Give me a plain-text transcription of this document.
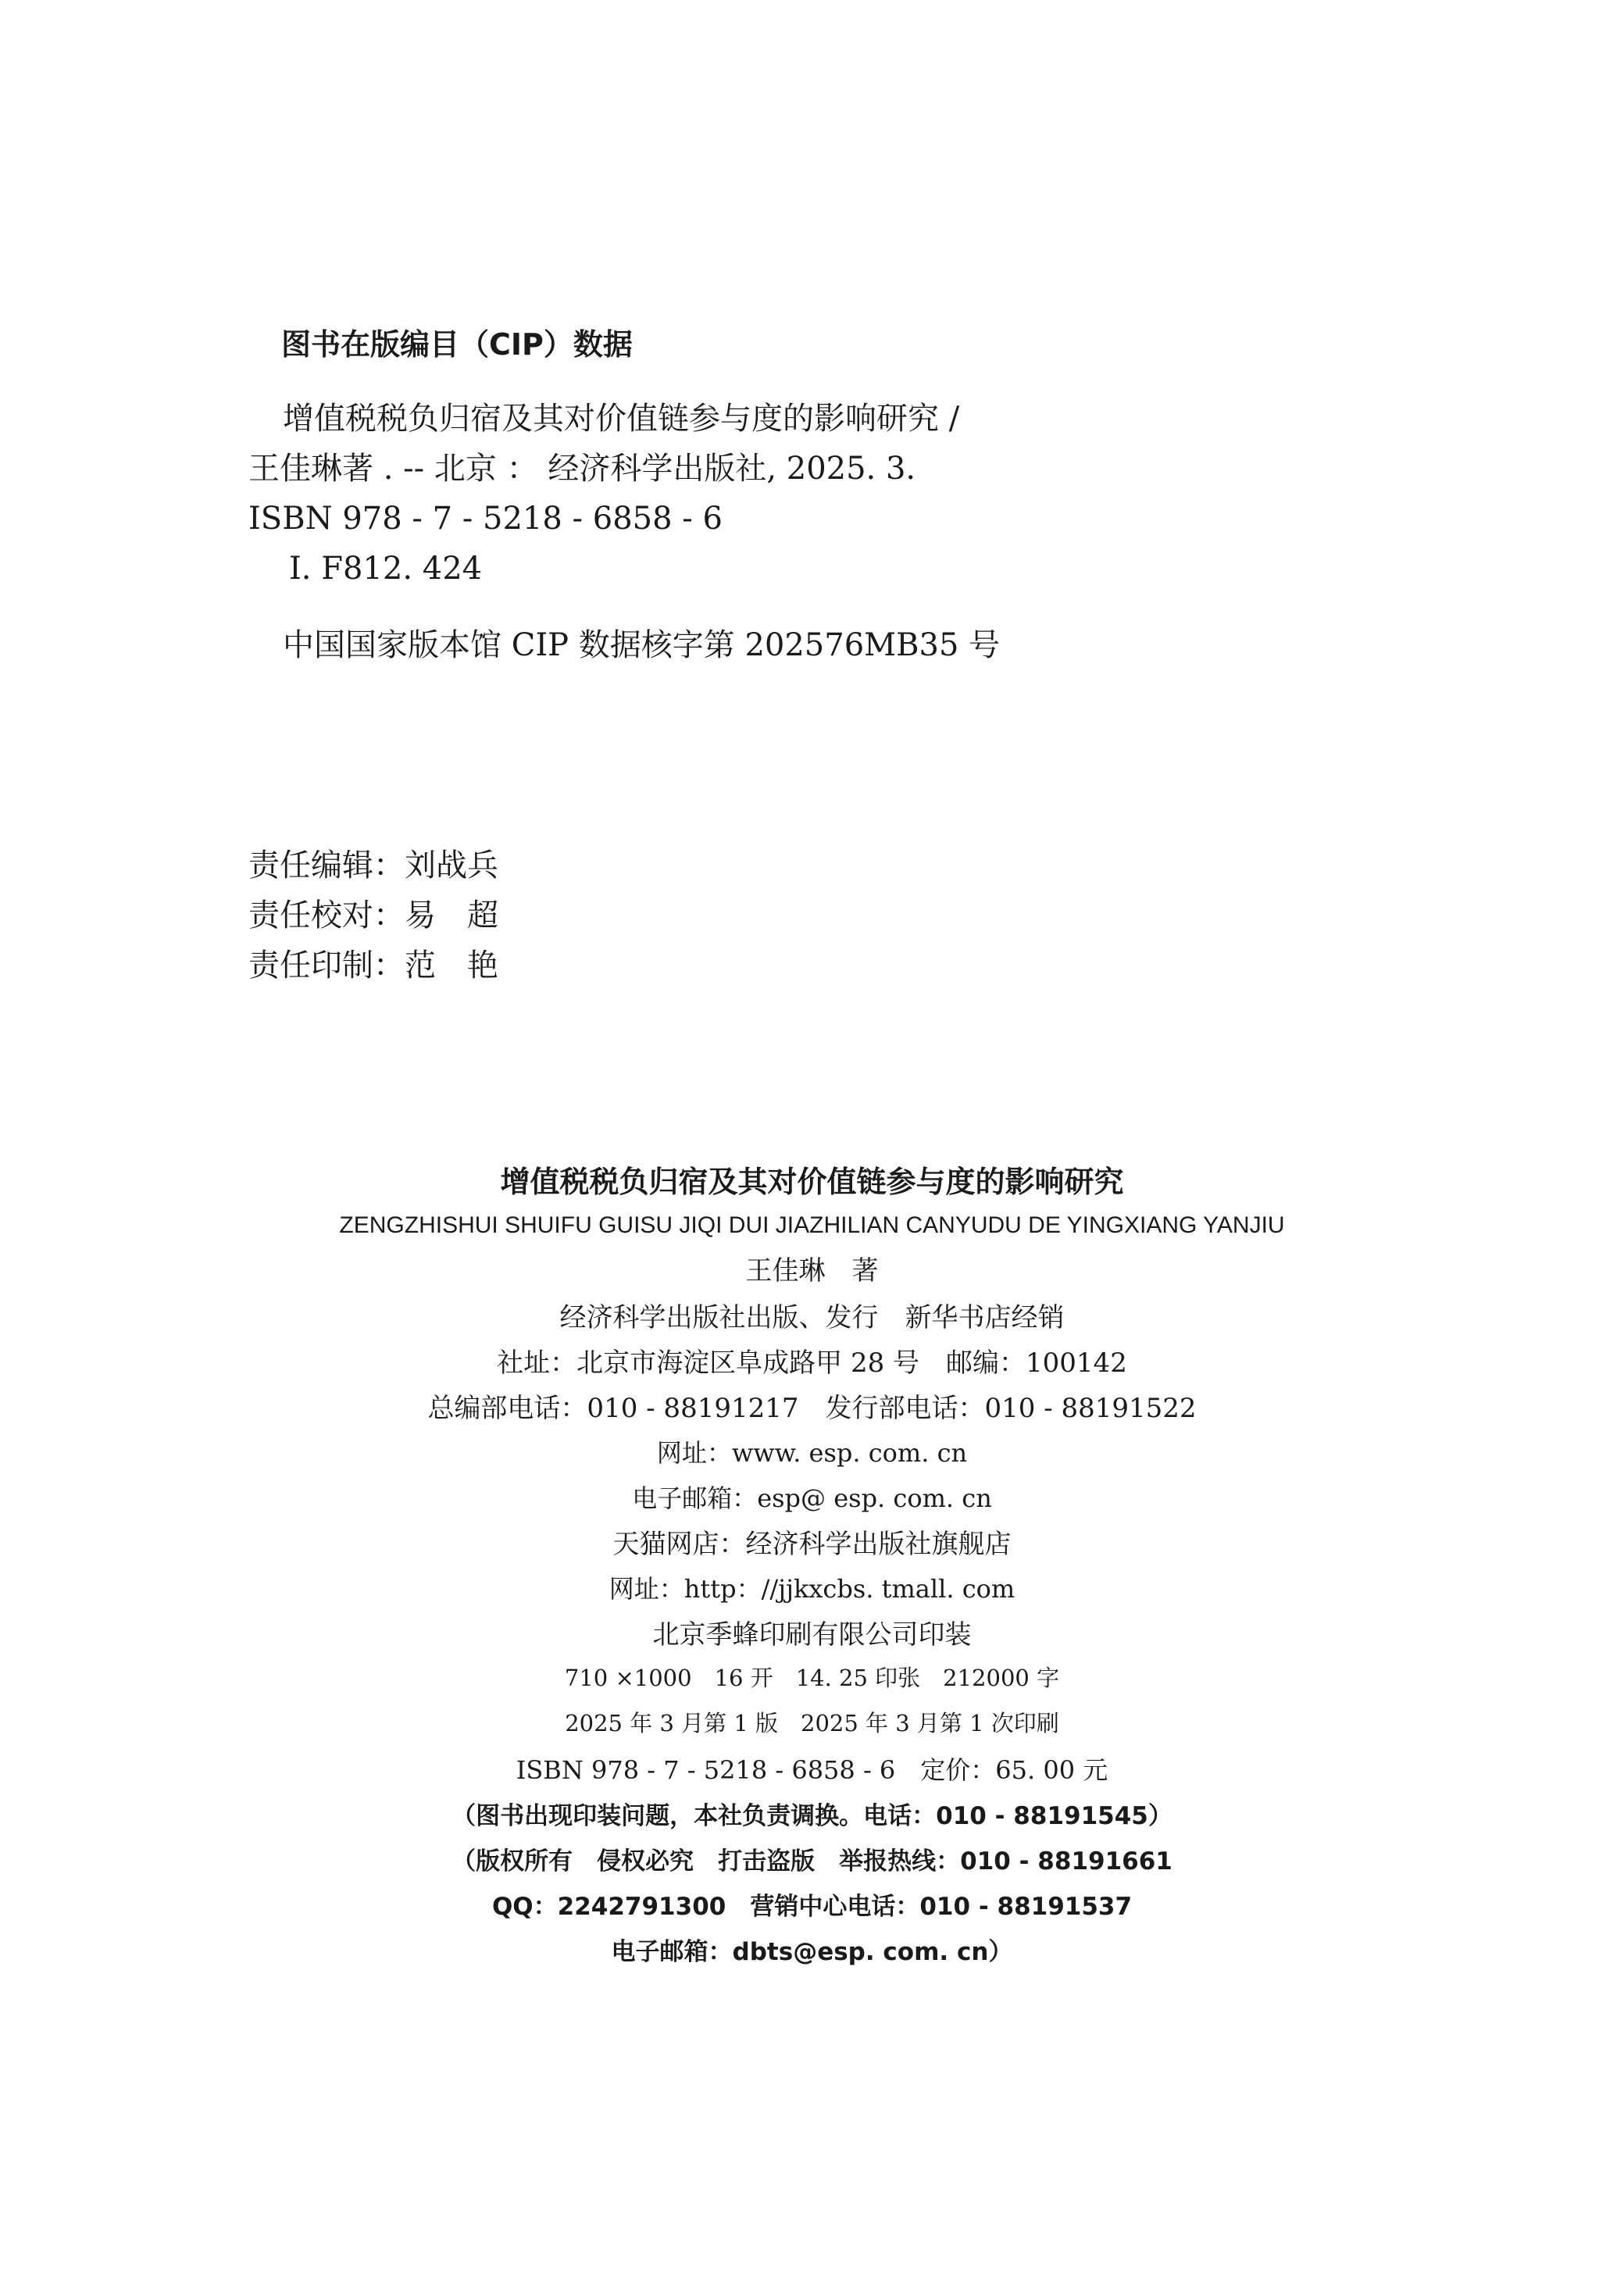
图书在版编目（CIP）数据
增值税税负归宿及其对价值链参与度的影响研究 /
王佳琳著 . -- 北京 ： 经济科学出版社, 2025. 3.
ISBN 978 - 7 - 5218 - 6858 - 6
Ⅰ. F812. 424
中国国家版本馆 CIP 数据核字第 202576MB35 号
责任编辑：刘战兵
责任校对：易　超
责任印制：范　艳
增值税税负归宿及其对价值链参与度的影响研究
ZENGZHISHUI SHUIFU GUISU JIQI DUI JIAZHILIAN CANYUDU DE YINGXIANG YANJIU
王佳琳　著
经济科学出版社出版、发行　新华书店经销
社址：北京市海淀区阜成路甲 28 号　邮编：100142
总编部电话：010 - 88191217　发行部电话：010 - 88191522
网址：www. esp. com. cn
电子邮箱：esp@ esp. com. cn
天猫网店：经济科学出版社旗舰店
网址：http：//jjkxcbs. tmall. com
北京季蜂印刷有限公司印装
710 ×1000　16 开　14. 25 印张　212000 字
2025 年 3 月第 1 版　2025 年 3 月第 1 次印刷
ISBN 978 - 7 - 5218 - 6858 - 6　定价：65. 00 元
（图书出现印装问题，本社负责调换。电话：010 - 88191545）
（版权所有　侵权必究　打击盗版　举报热线：010 - 88191661
QQ：2242791300　营销中心电话：010 - 88191537
电子邮箱：dbts@esp. com. cn）
